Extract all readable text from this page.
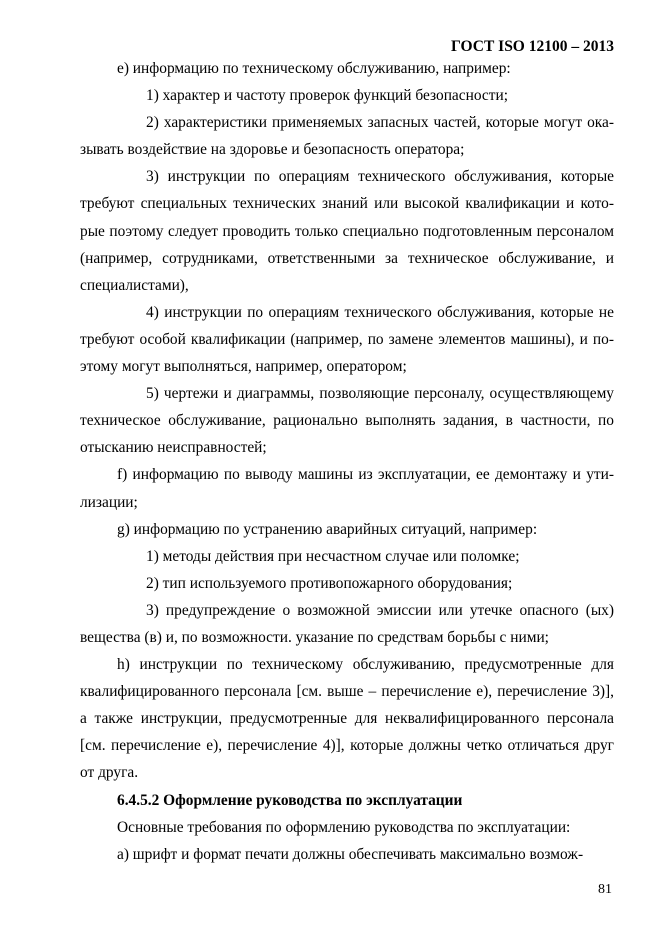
ГОСТ ISO 12100 – 2013

e) информацию по техническому обслуживанию, например:

1) характер и частоту проверок функций безопасности;

2) характеристики применяемых запасных частей, которые могут оказывать воздействие на здоровье и безопасность оператора;

3) инструкции по операциям технического обслуживания, которые требуют специальных технических знаний или высокой квалификации и которые поэтому следует проводить только специально подготовленным персоналом (например, сотрудниками, ответственными за техническое обслуживание, и специалистами),

4) инструкции по операциям технического обслуживания, которые не требуют особой квалификации (например, по замене элементов машины), и поэтому могут выполняться, например, оператором;

5) чертежи и диаграммы, позволяющие персоналу, осуществляющему техническое обслуживание, рационально выполнять задания, в частности, по отысканию неисправностей;

f) информацию по выводу машины из эксплуатации, ее демонтажу и утилизации;

g) информацию по устранению аварийных ситуаций, например:

1) методы действия при несчастном случае или поломке;

2) тип используемого противопожарного оборудования;

3) предупреждение о возможной эмиссии или утечке опасного (ых) вещества (в) и, по возможности. указание по средствам борьбы с ними;

h) инструкции по техническому обслуживанию, предусмотренные для квалифицированного персонала [см. выше – перечисление е), перечисление 3)], а также инструкции, предусмотренные для неквалифицированного персонала [см. перечисление е), перечисление 4)], которые должны четко отличаться друг от друга.

6.4.5.2 Оформление руководства по эксплуатации

Основные требования по оформлению руководства по эксплуатации:

а) шрифт и формат печати должны обеспечивать максимально возмож-

81
